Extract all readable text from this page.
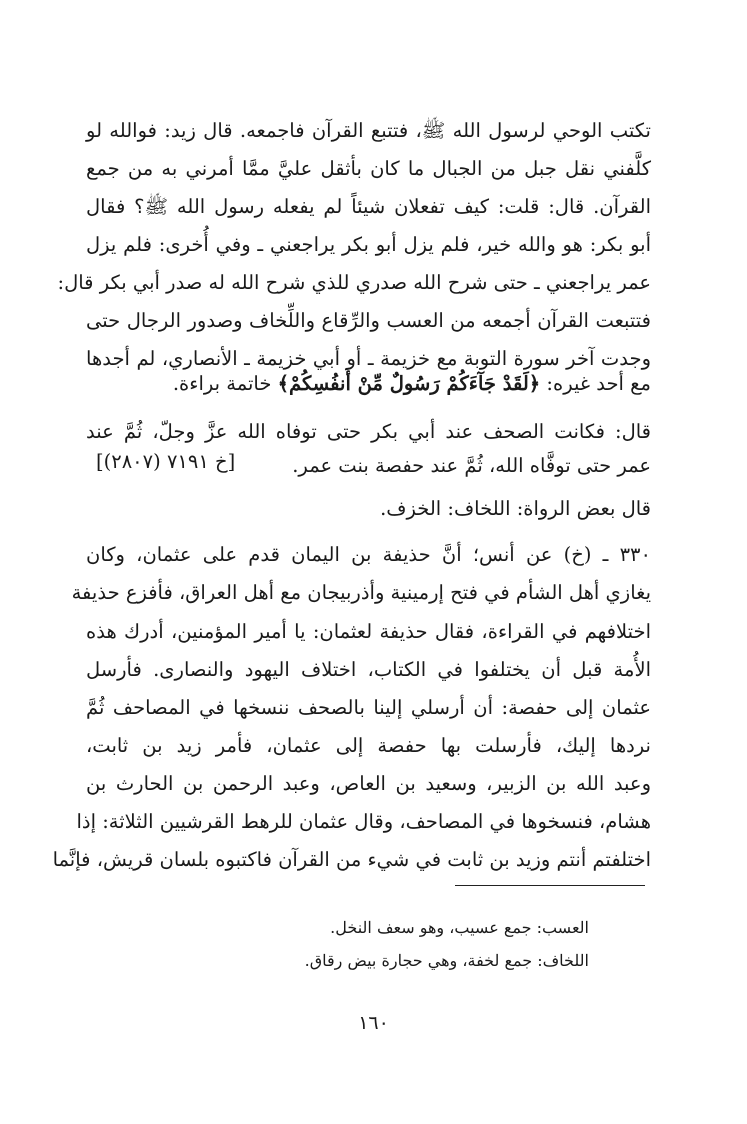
تكتب الوحي لرسول الله ﷺ، فتتبع القرآن فاجمعه. قال زيد: فوالله لو
كلَّفني نقل جبل من الجبال ما كان بأثقل عليَّ ممَّا أمرني به من جمع
القرآن. قال: قلت: كيف تفعلان شيئاً لم يفعله رسول الله ﷺ؟ فقال
أبو بكر: هو والله خير، فلم يزل أبو بكر يراجعني ـ وفي أُخرى: فلم يزل
عمر يراجعني ـ حتى شرح الله صدري للذي شرح الله له صدر أبي بكر قال:
فتتبعت القرآن أجمعه من العسب والرِّقاع واللِّخاف وصدور الرجال حتى
وجدت آخر سورة التوبة مع خزيمة ـ أو أبي خزيمة ـ الأنصاري، لم أجدها
مع أحد غيره: ﴿لَقَدْ جَآءَكُمْ رَسُولٌ مِّنْ أَنفُسِكُمْ﴾ خاتمة براءة.
قال: فكانت الصحف عند أبي بكر حتى توفاه الله عزَّ وجلّ، ثُمَّ عند
عمر حتى توفَّاه الله، ثُمَّ عند حفصة بنت عمر.
[خ ٧١٩١ (٢٨٠٧)]
قال بعض الرواة: اللخاف: الخزف.
٣٣٠ ـ (خ) عن أنس؛ أنَّ حذيفة بن اليمان قدم على عثمان، وكان
يغازي أهل الشأم في فتح إرمينية وأذربيجان مع أهل العراق، فأفزع حذيفة
اختلافهم في القراءة، فقال حذيفة لعثمان: يا أمير المؤمنين، أدرك هذه
الأُمة قبل أن يختلفوا في الكتاب، اختلاف اليهود والنصارى. فأرسل
عثمان إلى حفصة: أن أرسلي إلينا بالصحف ننسخها في المصاحف ثُمَّ
نردها إليك، فأرسلت بها حفصة إلى عثمان، فأمر زيد بن ثابت،
وعبد الله بن الزبير، وسعيد بن العاص، وعبد الرحمن بن الحارث بن
هشام، فنسخوها في المصاحف، وقال عثمان للرهط القرشيين الثلاثة: إذا
اختلفتم أنتم وزيد بن ثابت في شيء من القرآن فاكتبوه بلسان قريش، فإنَّما
العسب: جمع عسيب، وهو سعف النخل.
اللخاف: جمع لخفة، وهي حجارة بيض رقاق.
١٦٠
